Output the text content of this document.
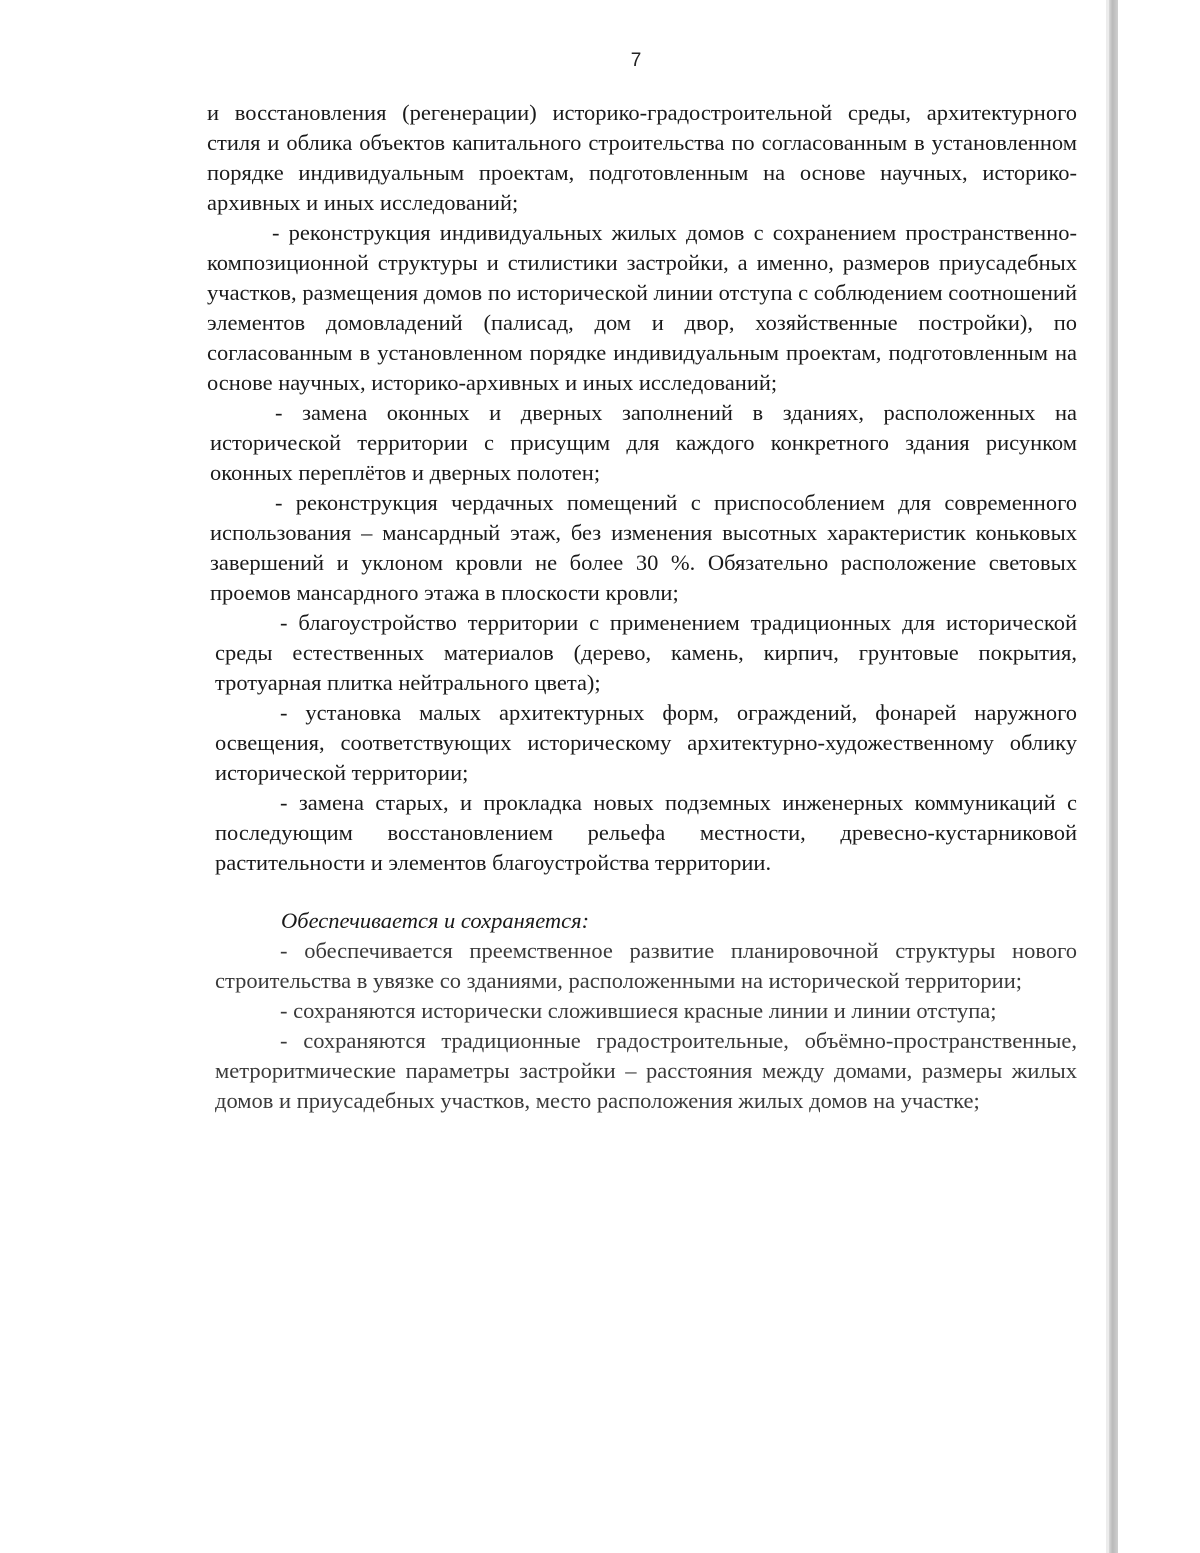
7

и восстановления (регенерации) историко-градостроительной среды, архитектурного стиля и облика объектов капитального строительства по согласованным в установленном порядке индивидуальным проектам, подготовленным на основе научных, историко-архивных и иных исследований;

- реконструкция индивидуальных жилых домов с сохранением пространственно-композиционной структуры и стилистики застройки, а именно, размеров приусадебных участков, размещения домов по исторической линии отступа с соблюдением соотношений элементов домовладений (палисад, дом и двор, хозяйственные постройки), по согласованным в установленном порядке индивидуальным проектам, подготовленным на основе научных, историко-архивных и иных исследований;

- замена оконных и дверных заполнений в зданиях, расположенных на исторической территории с присущим для каждого конкретного здания рисунком оконных переплётов и дверных полотен;

- реконструкция чердачных помещений с приспособлением для современного использования – мансардный этаж, без изменения высотных характеристик коньковых завершений и уклоном кровли не более 30 %. Обязательно расположение световых проемов мансардного этажа в плоскости кровли;

- благоустройство территории с применением традиционных для исторической среды естественных материалов (дерево, камень, кирпич, грунтовые покрытия, тротуарная плитка нейтрального цвета);

- установка малых архитектурных форм, ограждений, фонарей наружного освещения, соответствующих историческому архитектурно-художественному облику исторической территории;

- замена старых, и прокладка новых подземных инженерных коммуникаций с последующим восстановлением рельефа местности, древесно-кустарниковой растительности и элементов благоустройства территории.

Обеспечивается и сохраняется:

- обеспечивается преемственное развитие планировочной структуры нового строительства в увязке со зданиями, расположенными на исторической территории;

- сохраняются исторически сложившиеся красные линии и линии отступа;

- сохраняются традиционные градостроительные, объёмно-пространственные, метроритмические параметры застройки – расстояния между домами, размеры жилых домов и приусадебных участков, место расположения жилых домов на участке;
